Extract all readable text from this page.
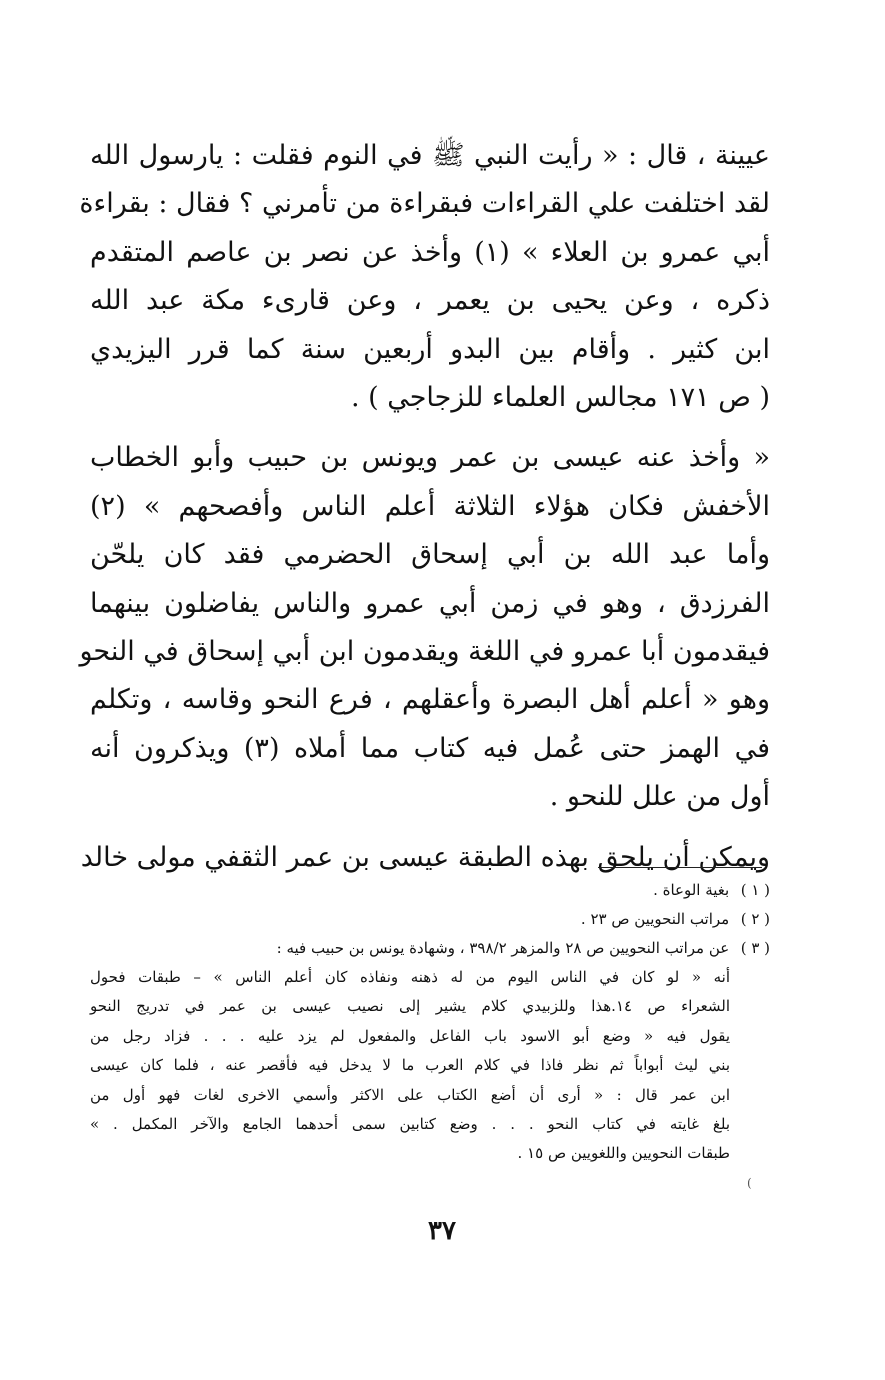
عيينة ، قال : « رأيت النبي ﷺ في النوم فقلت : يارسول الله
لقد اختلفت علي القراءات فبقراءة من تأمرني ؟ فقال : بقراءة
أبي عمرو بن العلاء » (١) وأخذ عن نصر بن عاصم المتقدم
ذكره ، وعن يحيى بن يعمر ، وعن قارىء مكة عبد الله
ابن كثير . وأقام بين البدو أربعين سنة كما قرر اليزيدي
( ص ١٧١ مجالس العلماء للزجاجي ) .

« وأخذ عنه عيسى بن عمر ويونس بن حبيب وأبو الخطاب
الأخفش فكان هؤلاء الثلاثة أعلم الناس وأفصحهم » (٢)
وأما عبد الله بن أبي إسحاق الحضرمي فقد كان يلحّن
الفرزدق ، وهو في زمن أبي عمرو والناس يفاضلون بينهما
فيقدمون أبا عمرو في اللغة ويقدمون ابن أبي إسحاق في النحو
وهو « أعلم أهل البصرة وأعقلهم ، فرع النحو وقاسه ، وتكلم
في الهمز حتى عُمل فيه كتاب مما أملاه (٣) ويذكرون أنه
أول من علل للنحو .

ويمكن أن يلحق بهذه الطبقة عيسى بن عمر الثقفي مولى خالد

( ١ ) بغية الوعاة .
( ٢ ) مراتب النحويين ص ٢٣ .
( ٣ ) عن مراتب النحويين ص ٢٨ والمزهر ٣٩٨/٢ ، وشهادة يونس بن حبيب فيه :
أنه « لو كان في الناس اليوم من له ذهنه ونفاذه كان أعلم الناس » – طبقات فحول
الشعراء ص ١٤.هذا وللزبيدي كلام يشير إلى نصيب عيسى بن عمر في تدريج النحو
يقول فيه « وضع أبو الاسود باب الفاعل والمفعول لم يزد عليه . . . فزاد رجل من
بني ليث أبواباً ثم نظر فاذا في كلام العرب ما لا يدخل فيه فأقصر عنه ، فلما كان عيسى
ابن عمر قال : « أرى أن أضع الكتاب على الاكثر وأسمي الاخرى لغات فهو أول من
بلغ غايته في كتاب النحو . . . وضع كتابين سمى أحدهما الجامع والآخر المكمل . »
طبقات النحويين واللغويين ص ١٥ .
(
٣٧
